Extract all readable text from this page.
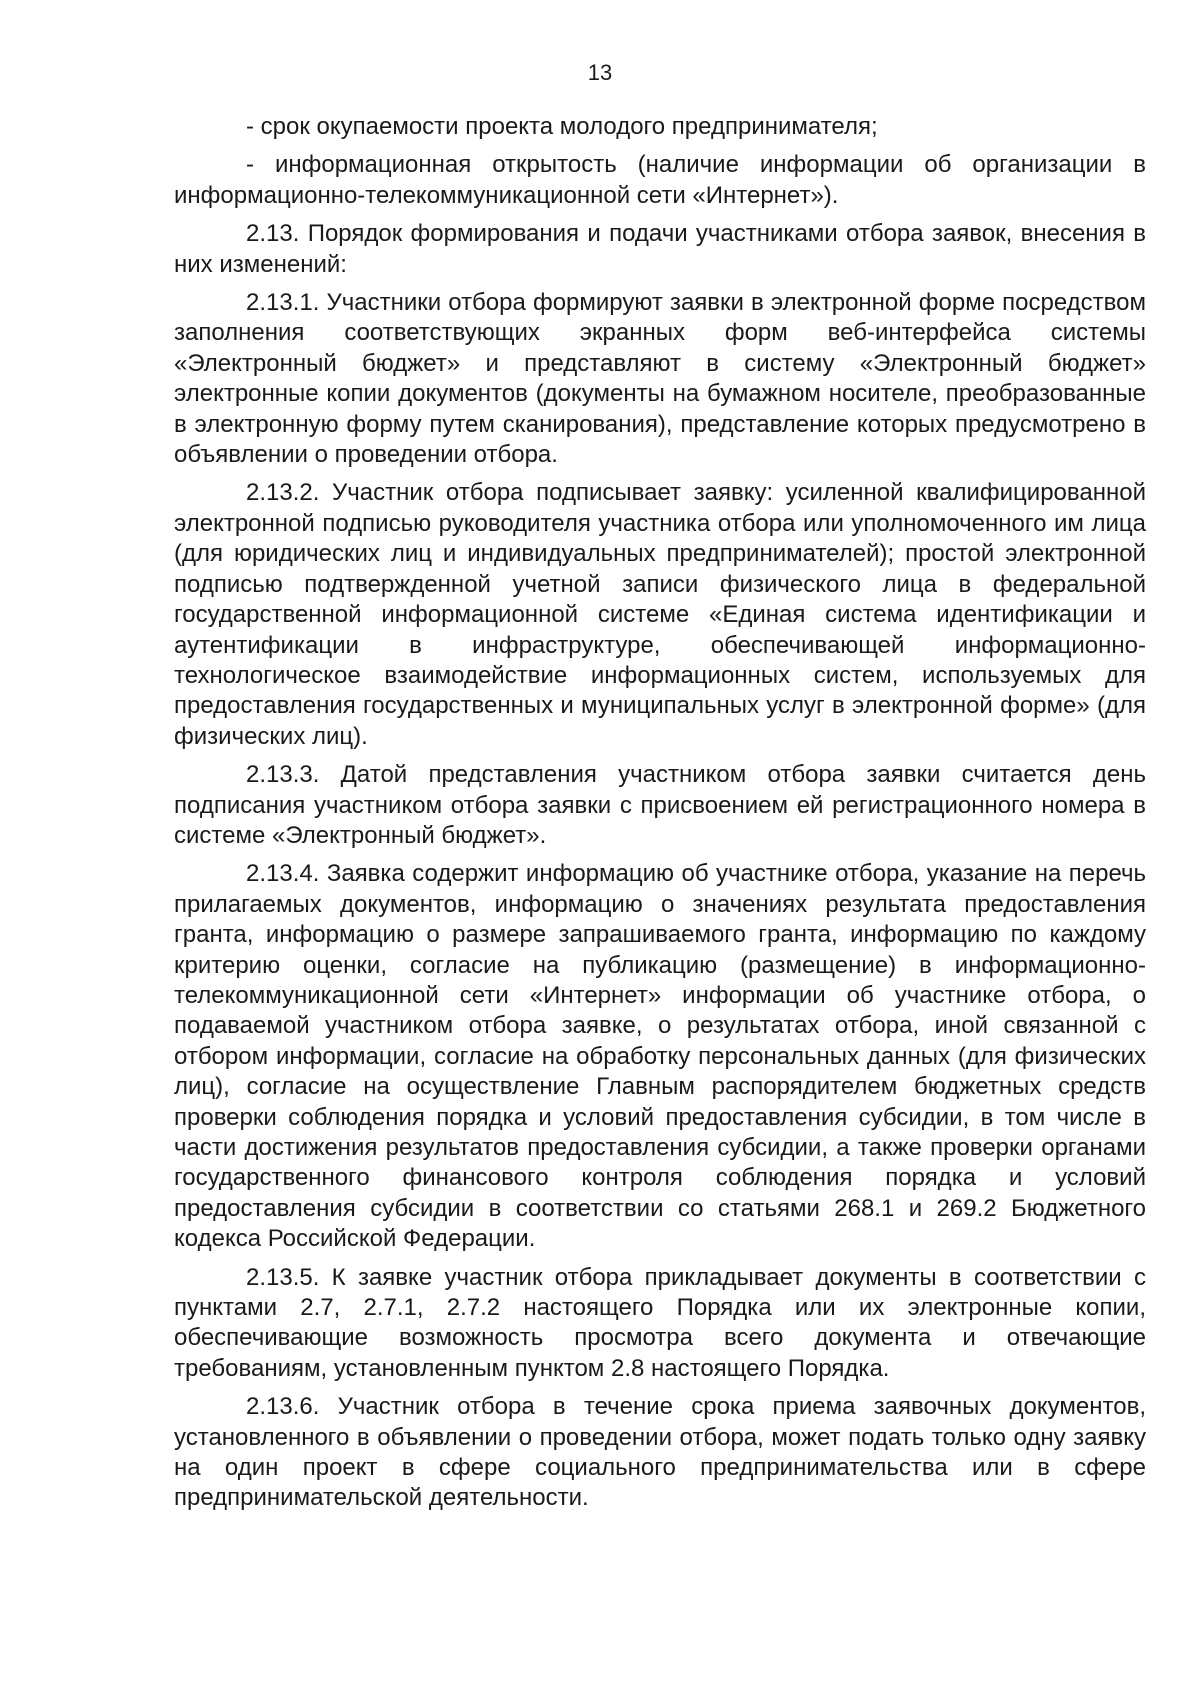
13

- срок окупаемости проекта молодого предпринимателя;

- информационная открытость (наличие информации об организации в информационно-телекоммуникационной сети «Интернет»).

2.13. Порядок формирования и подачи участниками отбора заявок, внесения в них изменений:

2.13.1. Участники отбора формируют заявки в электронной форме посредством заполнения соответствующих экранных форм веб-интерфейса системы «Электронный бюджет» и представляют в систему «Электронный бюджет» электронные копии документов (документы на бумажном носителе, преобразованные в электронную форму путем сканирования), представление которых предусмотрено в объявлении о проведении отбора.

2.13.2. Участник отбора подписывает заявку: усиленной квалифицированной электронной подписью руководителя участника отбора или уполномоченного им лица (для юридических лиц и индивидуальных предпринимателей); простой электронной подписью подтвержденной учетной записи физического лица в федеральной государственной информационной системе «Единая система идентификации и аутентификации в инфраструктуре, обеспечивающей информационно-технологическое взаимодействие информационных систем, используемых для предоставления государственных и муниципальных услуг в электронной форме» (для физических лиц).

2.13.3. Датой представления участником отбора заявки считается день подписания участником отбора заявки с присвоением ей регистрационного номера в системе «Электронный бюджет».

2.13.4. Заявка содержит информацию об участнике отбора, указание на перечь прилагаемых документов, информацию о значениях результата предоставления гранта, информацию о размере запрашиваемого гранта, информацию по каждому критерию оценки, согласие на публикацию (размещение) в информационно-телекоммуникационной сети «Интернет» информации об участнике отбора, о подаваемой участником отбора заявке, о результатах отбора, иной связанной с отбором информации, согласие на обработку персональных данных (для физических лиц), согласие на осуществление Главным распорядителем бюджетных средств проверки соблюдения порядка и условий предоставления субсидии, в том числе в части достижения результатов предоставления субсидии, а также проверки органами государственного финансового контроля соблюдения порядка и условий предоставления субсидии в соответствии со статьями 268.1 и 269.2 Бюджетного кодекса Российской Федерации.

2.13.5. К заявке участник отбора прикладывает документы в соответствии с пунктами 2.7, 2.7.1, 2.7.2 настоящего Порядка или их электронные копии, обеспечивающие возможность просмотра всего документа и отвечающие требованиям, установленным пунктом 2.8 настоящего Порядка.

2.13.6. Участник отбора в течение срока приема заявочных документов, установленного в объявлении о проведении отбора, может подать только одну заявку на один проект в сфере социального предпринимательства или в сфере предпринимательской деятельности.
